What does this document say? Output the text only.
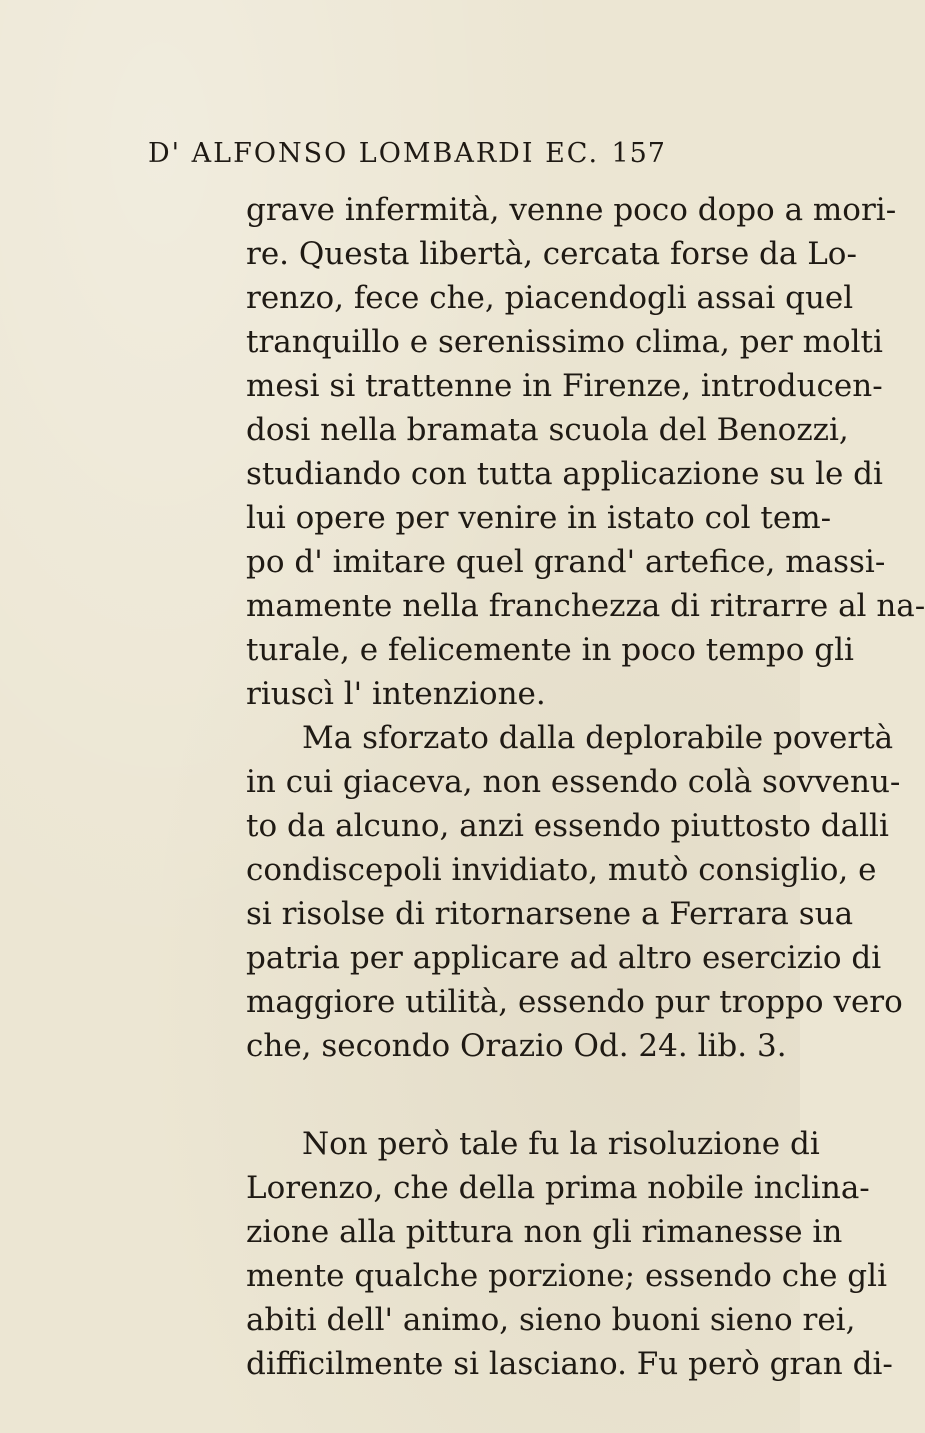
D' ALFONSO LOMBARDI EC. 157
grave infermità, venne poco dopo a mori-
re. Questa libertà, cercata forse da Lo-
renzo, fece che, piacendogli assai quel
tranquillo e serenissimo clima, per molti
mesi si trattenne in Firenze, introducen-
dosi nella bramata scuola del Benozzi,
studiando con tutta applicazione su le di
lui opere per venire in istato col tem-
po d' imitare quel grand' artefice, massi-
mamente nella franchezza di ritrarre al na-
turale, e felicemente in poco tempo gli
riuscì l' intenzione.
Ma sforzato dalla deplorabile povertà
in cui giaceva, non essendo colà sovvenu-
to da alcuno, anzi essendo piuttosto dalli
condiscepoli invidiato, mutò consiglio, e
si risolse di ritornarsene a Ferrara sua
patria per applicare ad altro esercizio di
maggiore utilità, essendo pur troppo vero
che, secondo Orazio Od. 24. lib. 3.
Non però tale fu la risoluzione di
Lorenzo, che della prima nobile inclina-
zione alla pittura non gli rimanesse in
mente qualche porzione; essendo che gli
abiti dell' animo, sieno buoni sieno rei,
difficilmente si lasciano. Fu però gran di-
